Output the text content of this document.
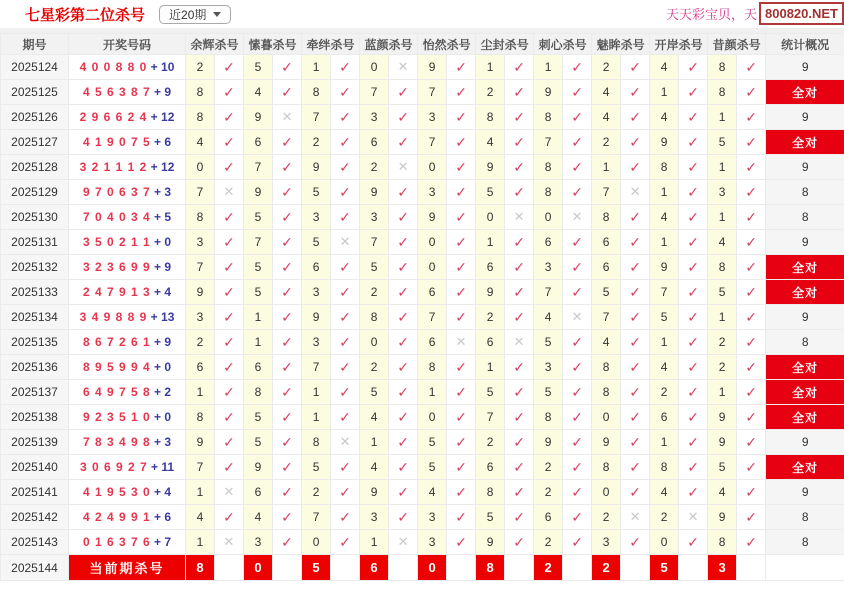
七星彩第二位杀号 近20期	天天彩宝贝，天 800820.NET
期号	开奖号码	余辉杀号		愫暮杀号		牵绊杀号		蓝颜杀号		怡然杀号		尘封杀号		刺心杀号		魅眸杀号		开岸杀号		昔颜杀号		统计概况
2025124	4 0 0 8 8 0 + 10	2	✓	5	✓	1	✓	0	✕	9	✓	1	✓	1	✓	2	✓	4	✓	8	✓	9
2025125	4 5 6 3 8 7 + 9	8	✓	4	✓	8	✓	7	✓	7	✓	2	✓	9	✓	4	✓	1	✓	8	✓	全对
2025126	2 9 6 6 2 4 + 12	8	✓	9	✕	7	✓	3	✓	3	✓	8	✓	8	✓	4	✓	4	✓	1	✓	9
2025127	4 1 9 0 7 5 + 6	4	✓	6	✓	2	✓	6	✓	7	✓	4	✓	7	✓	2	✓	9	✓	5	✓	全对
2025128	3 2 1 1 1 2 + 12	0	✓	7	✓	9	✓	2	✕	0	✓	9	✓	8	✓	1	✓	8	✓	1	✓	9
2025129	9 7 0 6 3 7 + 3	7	✕	9	✓	5	✓	9	✓	3	✓	5	✓	8	✓	7	✕	1	✓	3	✓	8
2025130	7 0 4 0 3 4 + 5	8	✓	5	✓	3	✓	3	✓	9	✓	0	✕	0	✕	8	✓	4	✓	1	✓	8
2025131	3 5 0 2 1 1 + 0	3	✓	7	✓	5	✕	7	✓	0	✓	1	✓	6	✓	6	✓	1	✓	4	✓	9
2025132	3 2 3 6 9 9 + 9	7	✓	5	✓	6	✓	5	✓	0	✓	6	✓	3	✓	6	✓	9	✓	8	✓	全对
2025133	2 4 7 9 1 3 + 4	9	✓	5	✓	3	✓	2	✓	6	✓	9	✓	7	✓	5	✓	7	✓	5	✓	全对
2025134	3 4 9 8 8 9 + 13	3	✓	1	✓	9	✓	8	✓	7	✓	2	✓	4	✕	7	✓	5	✓	1	✓	9
2025135	8 6 7 2 6 1 + 9	2	✓	1	✓	3	✓	0	✓	6	✕	6	✕	5	✓	4	✓	1	✓	2	✓	8
2025136	8 9 5 9 9 4 + 0	6	✓	6	✓	7	✓	2	✓	8	✓	1	✓	3	✓	8	✓	4	✓	2	✓	全对
2025137	6 4 9 7 5 8 + 2	1	✓	8	✓	1	✓	5	✓	1	✓	5	✓	5	✓	8	✓	2	✓	1	✓	全对
2025138	9 2 3 5 1 0 + 0	8	✓	5	✓	1	✓	4	✓	0	✓	7	✓	8	✓	0	✓	6	✓	9	✓	全对
2025139	7 8 3 4 9 8 + 3	9	✓	5	✓	8	✕	1	✓	5	✓	2	✓	9	✓	9	✓	1	✓	9	✓	9
2025140	3 0 6 9 2 7 + 11	7	✓	9	✓	5	✓	4	✓	5	✓	6	✓	2	✓	8	✓	8	✓	5	✓	全对
2025141	4 1 9 5 3 0 + 4	1	✕	6	✓	2	✓	9	✓	4	✓	8	✓	2	✓	0	✓	4	✓	4	✓	9
2025142	4 2 4 9 9 1 + 6	4	✓	4	✓	7	✓	3	✓	3	✓	5	✓	6	✓	2	✕	2	✕	9	✓	8
2025143	0 1 6 3 7 6 + 7	1	✕	3	✓	0	✓	1	✕	3	✓	9	✓	2	✓	3	✓	0	✓	8	✓	8
2025144	当前期杀号	8		0		5		6		0		8		2		2		5		3		
